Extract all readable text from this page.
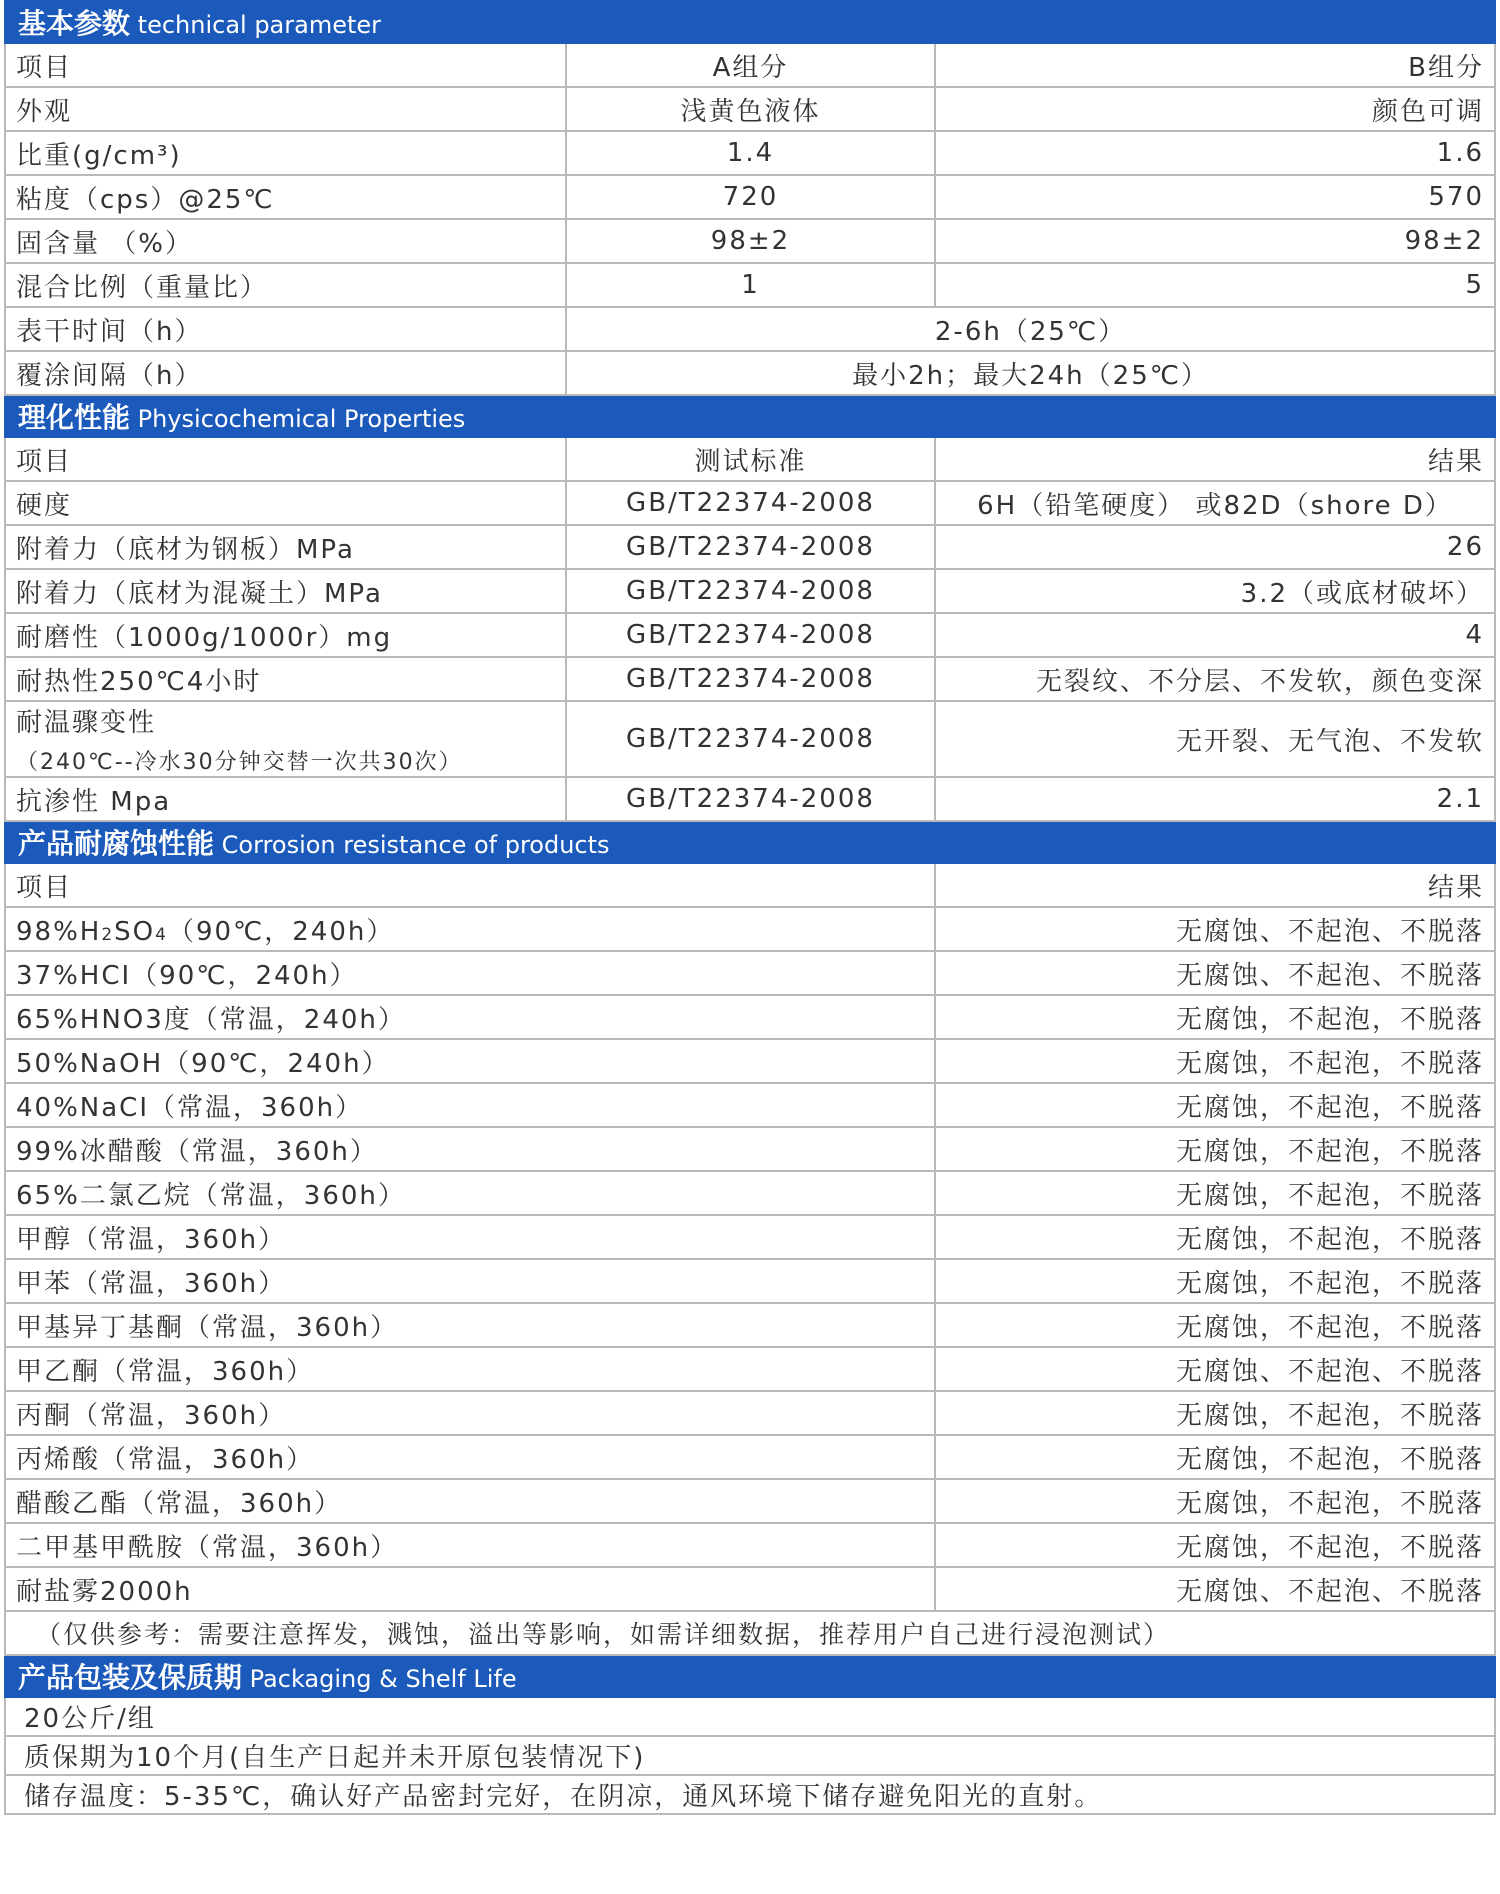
基本参数 technical parameter		
项目	A组分	B组分
外观	浅黄色液体	颜色可调
比重(g/cm³)	1.4	1.6
粘度（cps）@25℃	720	570
固含量 （%）	98±2	98±2
混合比例（重量比）	1	5
表干时间（h）	2-6h（25℃）	
覆涂间隔（h）	最小2h；最大24h（25℃）	
理化性能 Physicochemical Properties		
项目	测试标准	结果
硬度	GB/T22374-2008	6H（铅笔硬度） 或82D（shore D）
附着力（底材为钢板）MPa	GB/T22374-2008	26
附着力（底材为混凝土）MPa	GB/T22374-2008	3.2（或底材破坏）
耐磨性（1000g/1000r）mg	GB/T22374-2008	4
耐热性250℃4小时	GB/T22374-2008	无裂纹、不分层、不发软，颜色变深
耐温骤变性
（240℃--冷水30分钟交替一次共30次）	GB/T22374-2008	无开裂、无气泡、不发软
抗渗性 Mpa	GB/T22374-2008	2.1
产品耐腐蚀性能 Corrosion resistance of products		
项目		结果
98%H2SO4（90℃，240h）		无腐蚀、不起泡、不脱落
37%HCI（90℃，240h）		无腐蚀、不起泡、不脱落
65%HNO3度（常温，240h）		无腐蚀，不起泡，不脱落
50%NaOH（90℃，240h）		无腐蚀，不起泡，不脱落
40%NaCI（常温，360h）		无腐蚀，不起泡，不脱落
99%冰醋酸（常温，360h）		无腐蚀，不起泡，不脱落
65%二氯乙烷（常温，360h）		无腐蚀，不起泡，不脱落
甲醇（常温，360h）		无腐蚀，不起泡，不脱落
甲苯（常温，360h）		无腐蚀，不起泡，不脱落
甲基异丁基酮（常温，360h）		无腐蚀，不起泡，不脱落
甲乙酮（常温，360h）		无腐蚀、不起泡、不脱落
丙酮（常温，360h）		无腐蚀，不起泡，不脱落
丙烯酸（常温，360h）		无腐蚀，不起泡，不脱落
醋酸乙酯（常温，360h）		无腐蚀，不起泡，不脱落
二甲基甲酰胺（常温，360h）		无腐蚀，不起泡，不脱落
耐盐雾2000h		无腐蚀、不起泡、不脱落
（仅供参考：需要注意挥发，溅蚀，溢出等影响，如需详细数据，推荐用户自己进行浸泡测试）		
产品包装及保质期 Packaging & Shelf Life		
20公斤/组		
质保期为10个月(自生产日起并未开原包装情况下)		
储存温度：5-35℃，确认好产品密封完好，在阴凉，通风环境下储存避免阳光的直射。		
